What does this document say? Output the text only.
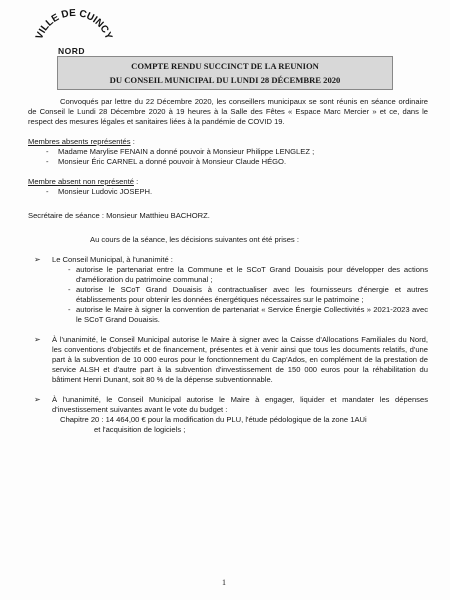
VILLE DE CUINCY
NORD
COMPTE RENDU SUCCINCT DE LA REUNION
DU CONSEIL MUNICIPAL DU LUNDI 28 DÉCEMBRE 2020

Convoqués par lettre du 22 Décembre 2020, les conseillers municipaux se sont réunis en séance ordinaire de Conseil le Lundi 28 Décembre 2020 à 19 heures à la Salle des Fêtes « Espace Marc Mercier » et ce, dans le respect des mesures légales et sanitaires liées à la pandémie de COVID 19.

Membres absents représentés :

- Madame Marylise FENAIN a donné pouvoir à Monsieur Philippe LENGLEZ ;
- Monsieur Éric CARNEL a donné pouvoir à Monsieur Claude HÉGO.

Membre absent non représenté :

- Monsieur Ludovic JOSEPH.

Secrétaire de séance : Monsieur Matthieu BACHORZ.

Au cours de la séance, les décisions suivantes ont été prises :

➢ Le Conseil Municipal, à l'unanimité :
- autorise le partenariat entre la Commune et le SCoT Grand Douaisis pour développer des actions d'amélioration du patrimoine communal ;
- autorise le SCoT Grand Douaisis à contractualiser avec les fournisseurs d'énergie et autres établissements pour obtenir les données énergétiques nécessaires sur le patrimoine ;
- autorise le Maire à signer la convention de partenariat « Service Énergie Collectivités » 2021-2023 avec le SCoT Grand Douaisis.
➢ À l'unanimité, le Conseil Municipal autorise le Maire à signer avec la Caisse d'Allocations Familiales du Nord, les conventions d'objectifs et de financement, présentes et à venir ainsi que tous les documents relatifs, d'une part à la subvention de 10 000 euros pour le fonctionnement du Cap'Ados, en complément de la prestation de service ALSH et d'autre part à la subvention d'investissement de 150 000 euros pour la réhabilitation du bâtiment Henri Dunant, soit 80 % de la dépense subventionnable.
➢ À l'unanimité, le Conseil Municipal autorise le Maire à engager, liquider et mandater les dépenses d'investissement suivantes avant le vote du budget :
- Chapitre 20 : 14 464,00 € pour la modification du PLU, l'étude pédologique de la zone 1AUi
et l'acquisition de logiciels ;
1
